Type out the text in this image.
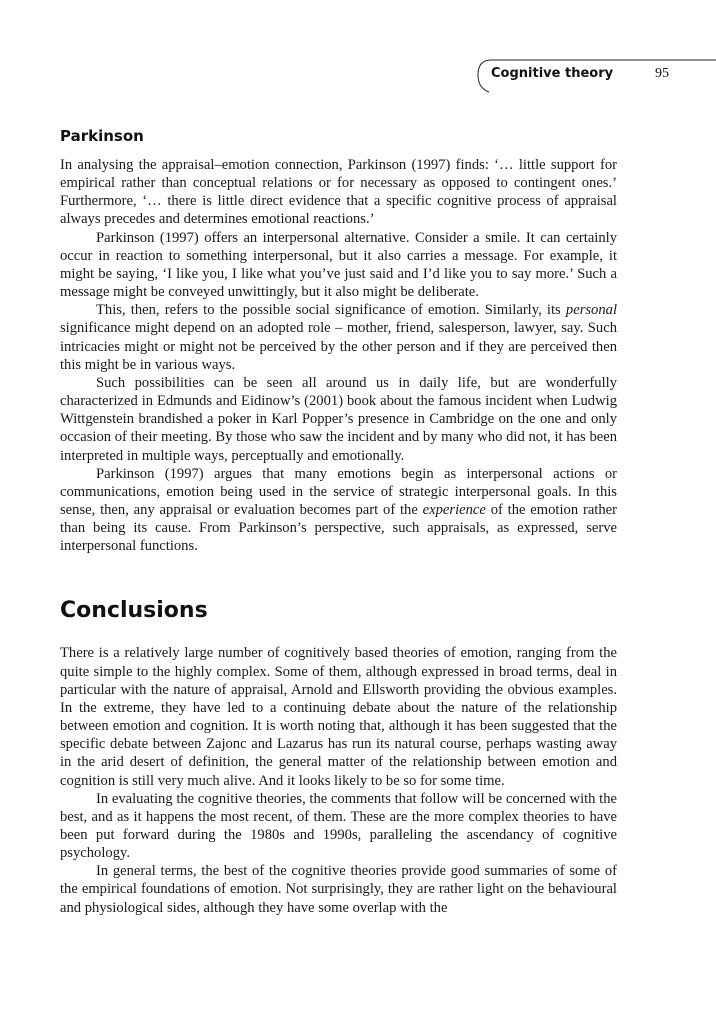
Cognitive theory	95
Parkinson

In analysing the appraisal–emotion connection, Parkinson (1997) finds: ‘… little support for empirical rather than conceptual relations or for necessary as opposed to contingent ones.’ Furthermore, ‘… there is little direct evidence that a specific cognitive process of appraisal always precedes and determines emotional reactions.’

Parkinson (1997) offers an interpersonal alternative. Consider a smile. It can certainly occur in reaction to something interpersonal, but it also carries a message. For example, it might be saying, ‘I like you, I like what you’ve just said and I’d like you to say more.’ Such a message might be conveyed unwittingly, but it also might be deliberate.

This, then, refers to the possible social significance of emotion. Similarly, its personal significance might depend on an adopted role – mother, friend, salesperson, lawyer, say. Such intricacies might or might not be perceived by the other person and if they are perceived then this might be in various ways.

Such possibilities can be seen all around us in daily life, but are wonderfully characterized in Edmunds and Eidinow’s (2001) book about the famous incident when Ludwig Wittgenstein brandished a poker in Karl Popper’s presence in Cambridge on the one and only occasion of their meeting. By those who saw the incident and by many who did not, it has been interpreted in multiple ways, perceptually and emotionally.

Parkinson (1997) argues that many emotions begin as interpersonal actions or communications, emotion being used in the service of strategic interpersonal goals. In this sense, then, any appraisal or evaluation becomes part of the experience of the emotion rather than being its cause. From Parkinson’s perspective, such appraisals, as expressed, serve interpersonal functions.

Conclusions

There is a relatively large number of cognitively based theories of emotion, ranging from the quite simple to the highly complex. Some of them, although expressed in broad terms, deal in particular with the nature of appraisal, Arnold and Ellsworth providing the obvious examples. In the extreme, they have led to a continuing debate about the nature of the relationship between emotion and cognition. It is worth noting that, although it has been suggested that the specific debate between Zajonc and Lazarus has run its natural course, perhaps wasting away in the arid desert of definition, the general matter of the relationship between emotion and cognition is still very much alive. And it looks likely to be so for some time.

In evaluating the cognitive theories, the comments that follow will be concerned with the best, and as it happens the most recent, of them. These are the more complex theories to have been put forward during the 1980s and 1990s, paralleling the ascendancy of cognitive psychology.

In general terms, the best of the cognitive theories provide good summaries of some of the empirical foundations of emotion. Not surprisingly, they are rather light on the behavioural and physiological sides, although they have some overlap with the
